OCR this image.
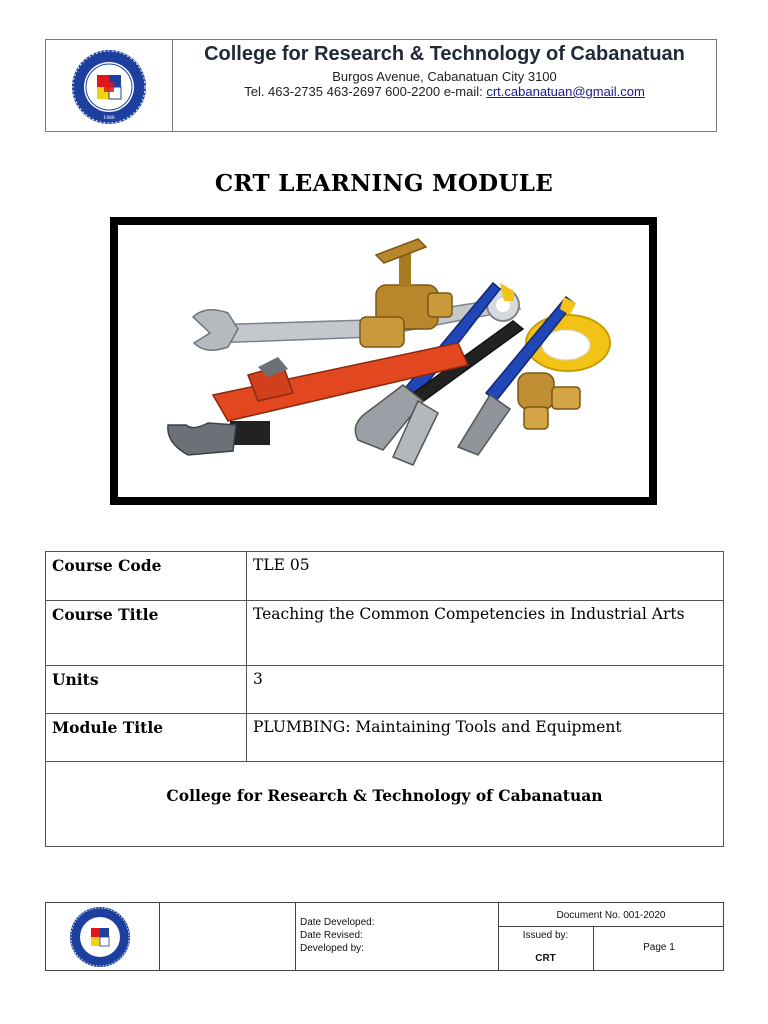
1986
College for Research & Technology of Cabanatuan
Burgos Avenue, Cabanatuan City 3100
Tel. 463-2735 463-2697 600-2200 e-mail: crt.cabanatuan@gmail.com
CRT LEARNING MODULE
Course Code	TLE 05
Course Title	Teaching the Common Competencies in Industrial Arts
Units	3
Module Title	PLUMBING: Maintaining Tools and Equipment
College for Research & Technology of Cabanatuan	
Date Developed:
Date Revised:
Developed by:
Document No. 001-2020
Issued by:
CRT
Page 1
